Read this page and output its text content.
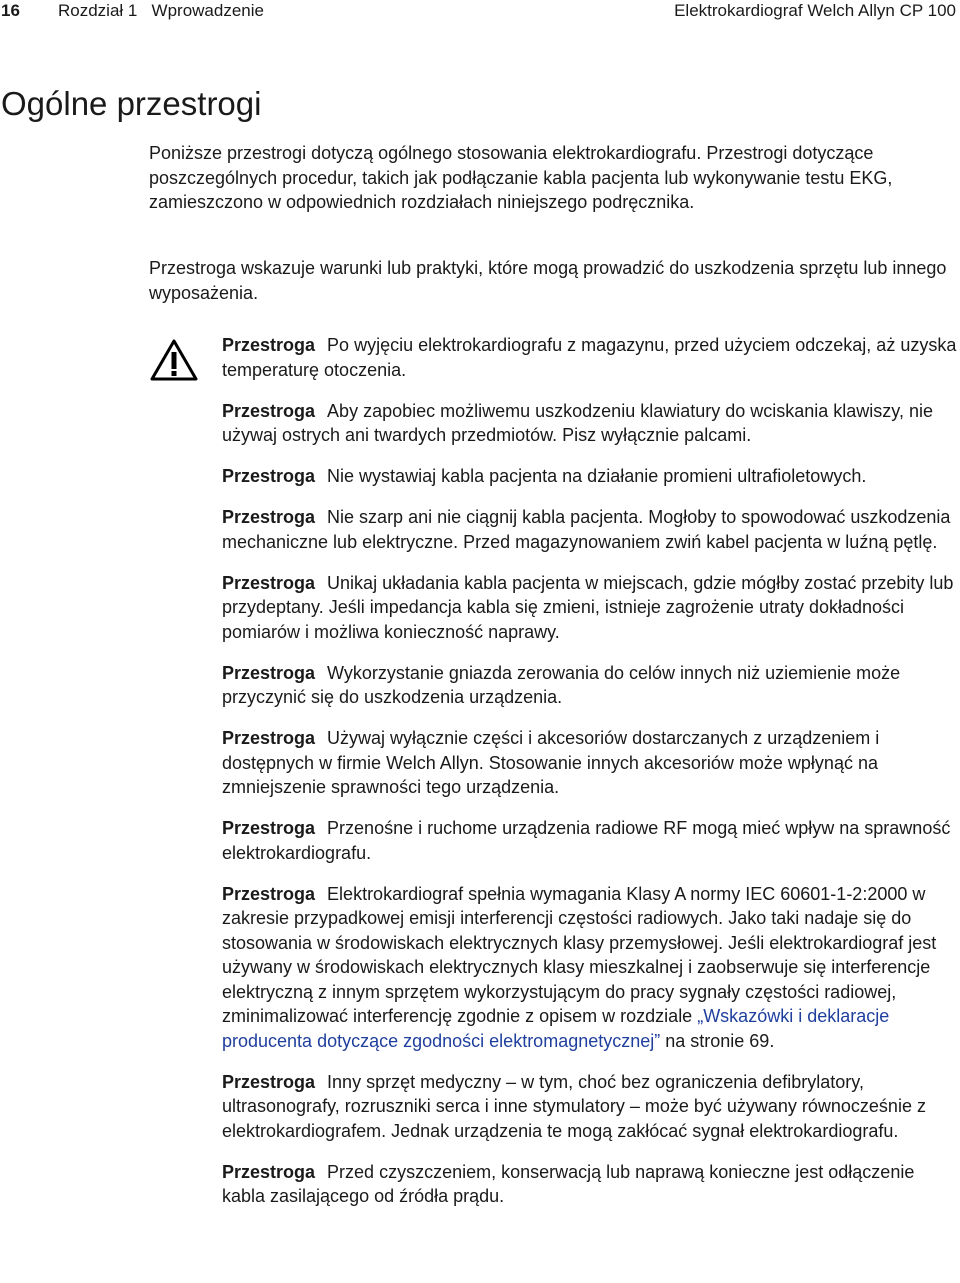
16 Rozdział 1   Wprowadzenie	Elektrokardiograf Welch Allyn CP 100
Ogólne przestrogi

Poniższe przestrogi dotyczą ogólnego stosowania elektrokardiografu. Przestrogi dotyczące poszczególnych procedur, takich jak podłączanie kabla pacjenta lub wykonywanie testu EKG, zamieszczono w odpowiednich rozdziałach niniejszego podręcznika.

Przestroga wskazuje warunki lub praktyki, które mogą prowadzić do uszkodzenia sprzętu lub innego wyposażenia.

Przestroga Po wyjęciu elektrokardiografu z magazynu, przed użyciem odczekaj, aż uzyska temperaturę otoczenia.

Przestroga Aby zapobiec możliwemu uszkodzeniu klawiatury do wciskania klawiszy, nie używaj ostrych ani twardych przedmiotów. Pisz wyłącznie palcami.

Przestroga Nie wystawiaj kabla pacjenta na działanie promieni ultrafioletowych.

Przestroga Nie szarp ani nie ciągnij kabla pacjenta. Mogłoby to spowodować uszkodzenia mechaniczne lub elektryczne. Przed magazynowaniem zwiń kabel pacjenta w luźną pętlę.

Przestroga Unikaj układania kabla pacjenta w miejscach, gdzie mógłby zostać przebity lub przydeptany. Jeśli impedancja kabla się zmieni, istnieje zagrożenie utraty dokładności pomiarów i możliwa konieczność naprawy.

Przestroga Wykorzystanie gniazda zerowania do celów innych niż uziemienie może przyczynić się do uszkodzenia urządzenia.

Przestroga Używaj wyłącznie części i akcesoriów dostarczanych z urządzeniem i dostępnych w firmie Welch Allyn. Stosowanie innych akcesoriów może wpłynąć na zmniejszenie sprawności tego urządzenia.

Przestroga Przenośne i ruchome urządzenia radiowe RF mogą mieć wpływ na sprawność elektrokardiografu.

Przestroga Elektrokardiograf spełnia wymagania Klasy A normy IEC 60601-1-2:2000 w zakresie przypadkowej emisji interferencji częstości radiowych. Jako taki nadaje się do stosowania w środowiskach elektrycznych klasy przemysłowej. Jeśli elektrokardiograf jest używany w środowiskach elektrycznych klasy mieszkalnej i zaobserwuje się interferencje elektryczną z innym sprzętem wykorzystującym do pracy sygnały częstości radiowej, zminimalizować interferencję zgodnie z opisem w rozdziale „Wskazówki i deklaracje producenta dotyczące zgodności elektromagnetycznej” na stronie 69.

Przestroga Inny sprzęt medyczny – w tym, choć bez ograniczenia defibrylatory, ultrasonografy, rozruszniki serca i inne stymulatory – może być używany równocześnie z elektrokardiografem. Jednak urządzenia te mogą zakłócać sygnał elektrokardiografu.

Przestroga Przed czyszczeniem, konserwacją lub naprawą konieczne jest odłączenie kabla zasilającego od źródła prądu.
